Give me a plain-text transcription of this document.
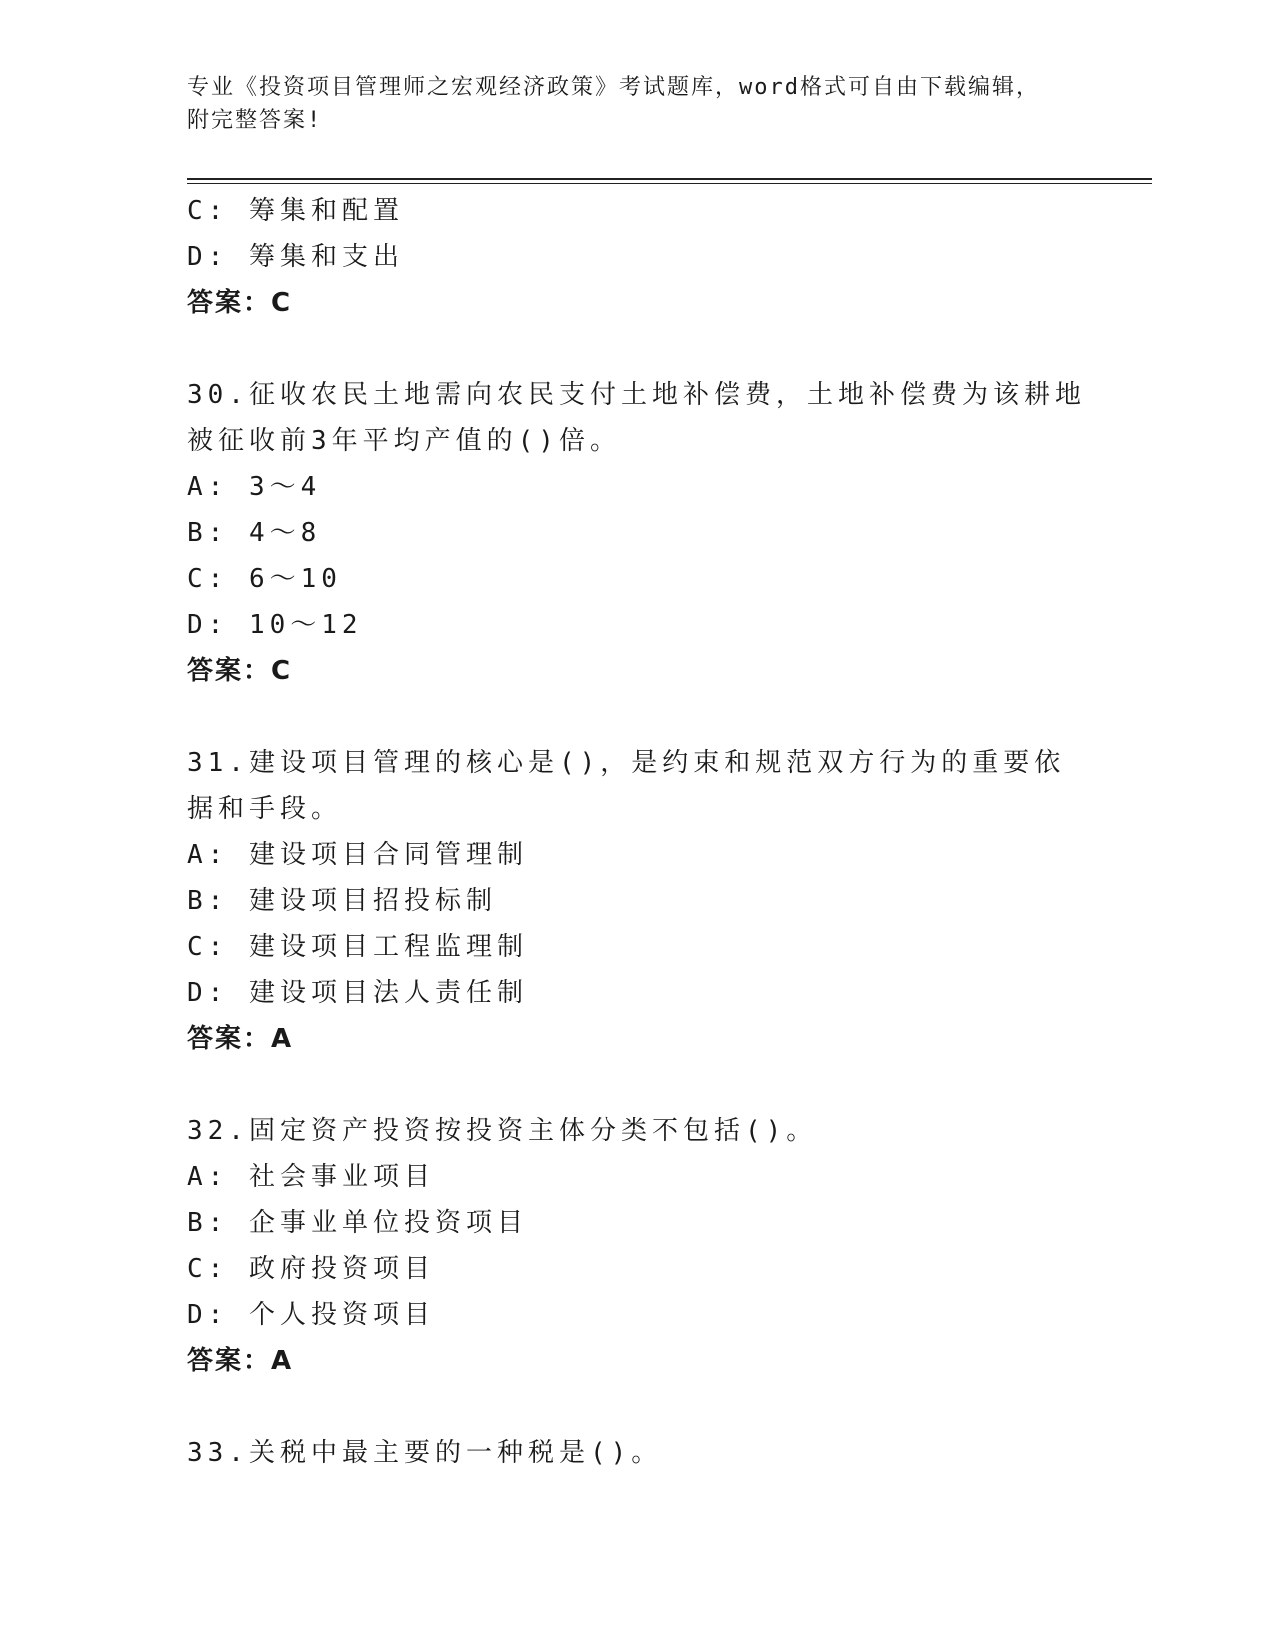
专业《投资项目管理师之宏观经济政策》考试题库，word格式可自由下载编辑，
附完整答案!
C: 筹集和配置
D: 筹集和支出
答案：C
30.征收农民土地需向农民支付土地补偿费，土地补偿费为该耕地被征收前3年平均产值的()倍。
A: 3～4
B: 4～8
C: 6～10
D: 10～12
答案：C
31.建设项目管理的核心是()，是约束和规范双方行为的重要依据和手段。
A: 建设项目合同管理制
B: 建设项目招投标制
C: 建设项目工程监理制
D: 建设项目法人责任制
答案：A
32.固定资产投资按投资主体分类不包括()。
A: 社会事业项目
B: 企事业单位投资项目
C: 政府投资项目
D: 个人投资项目
答案：A
33.关税中最主要的一种税是()。
